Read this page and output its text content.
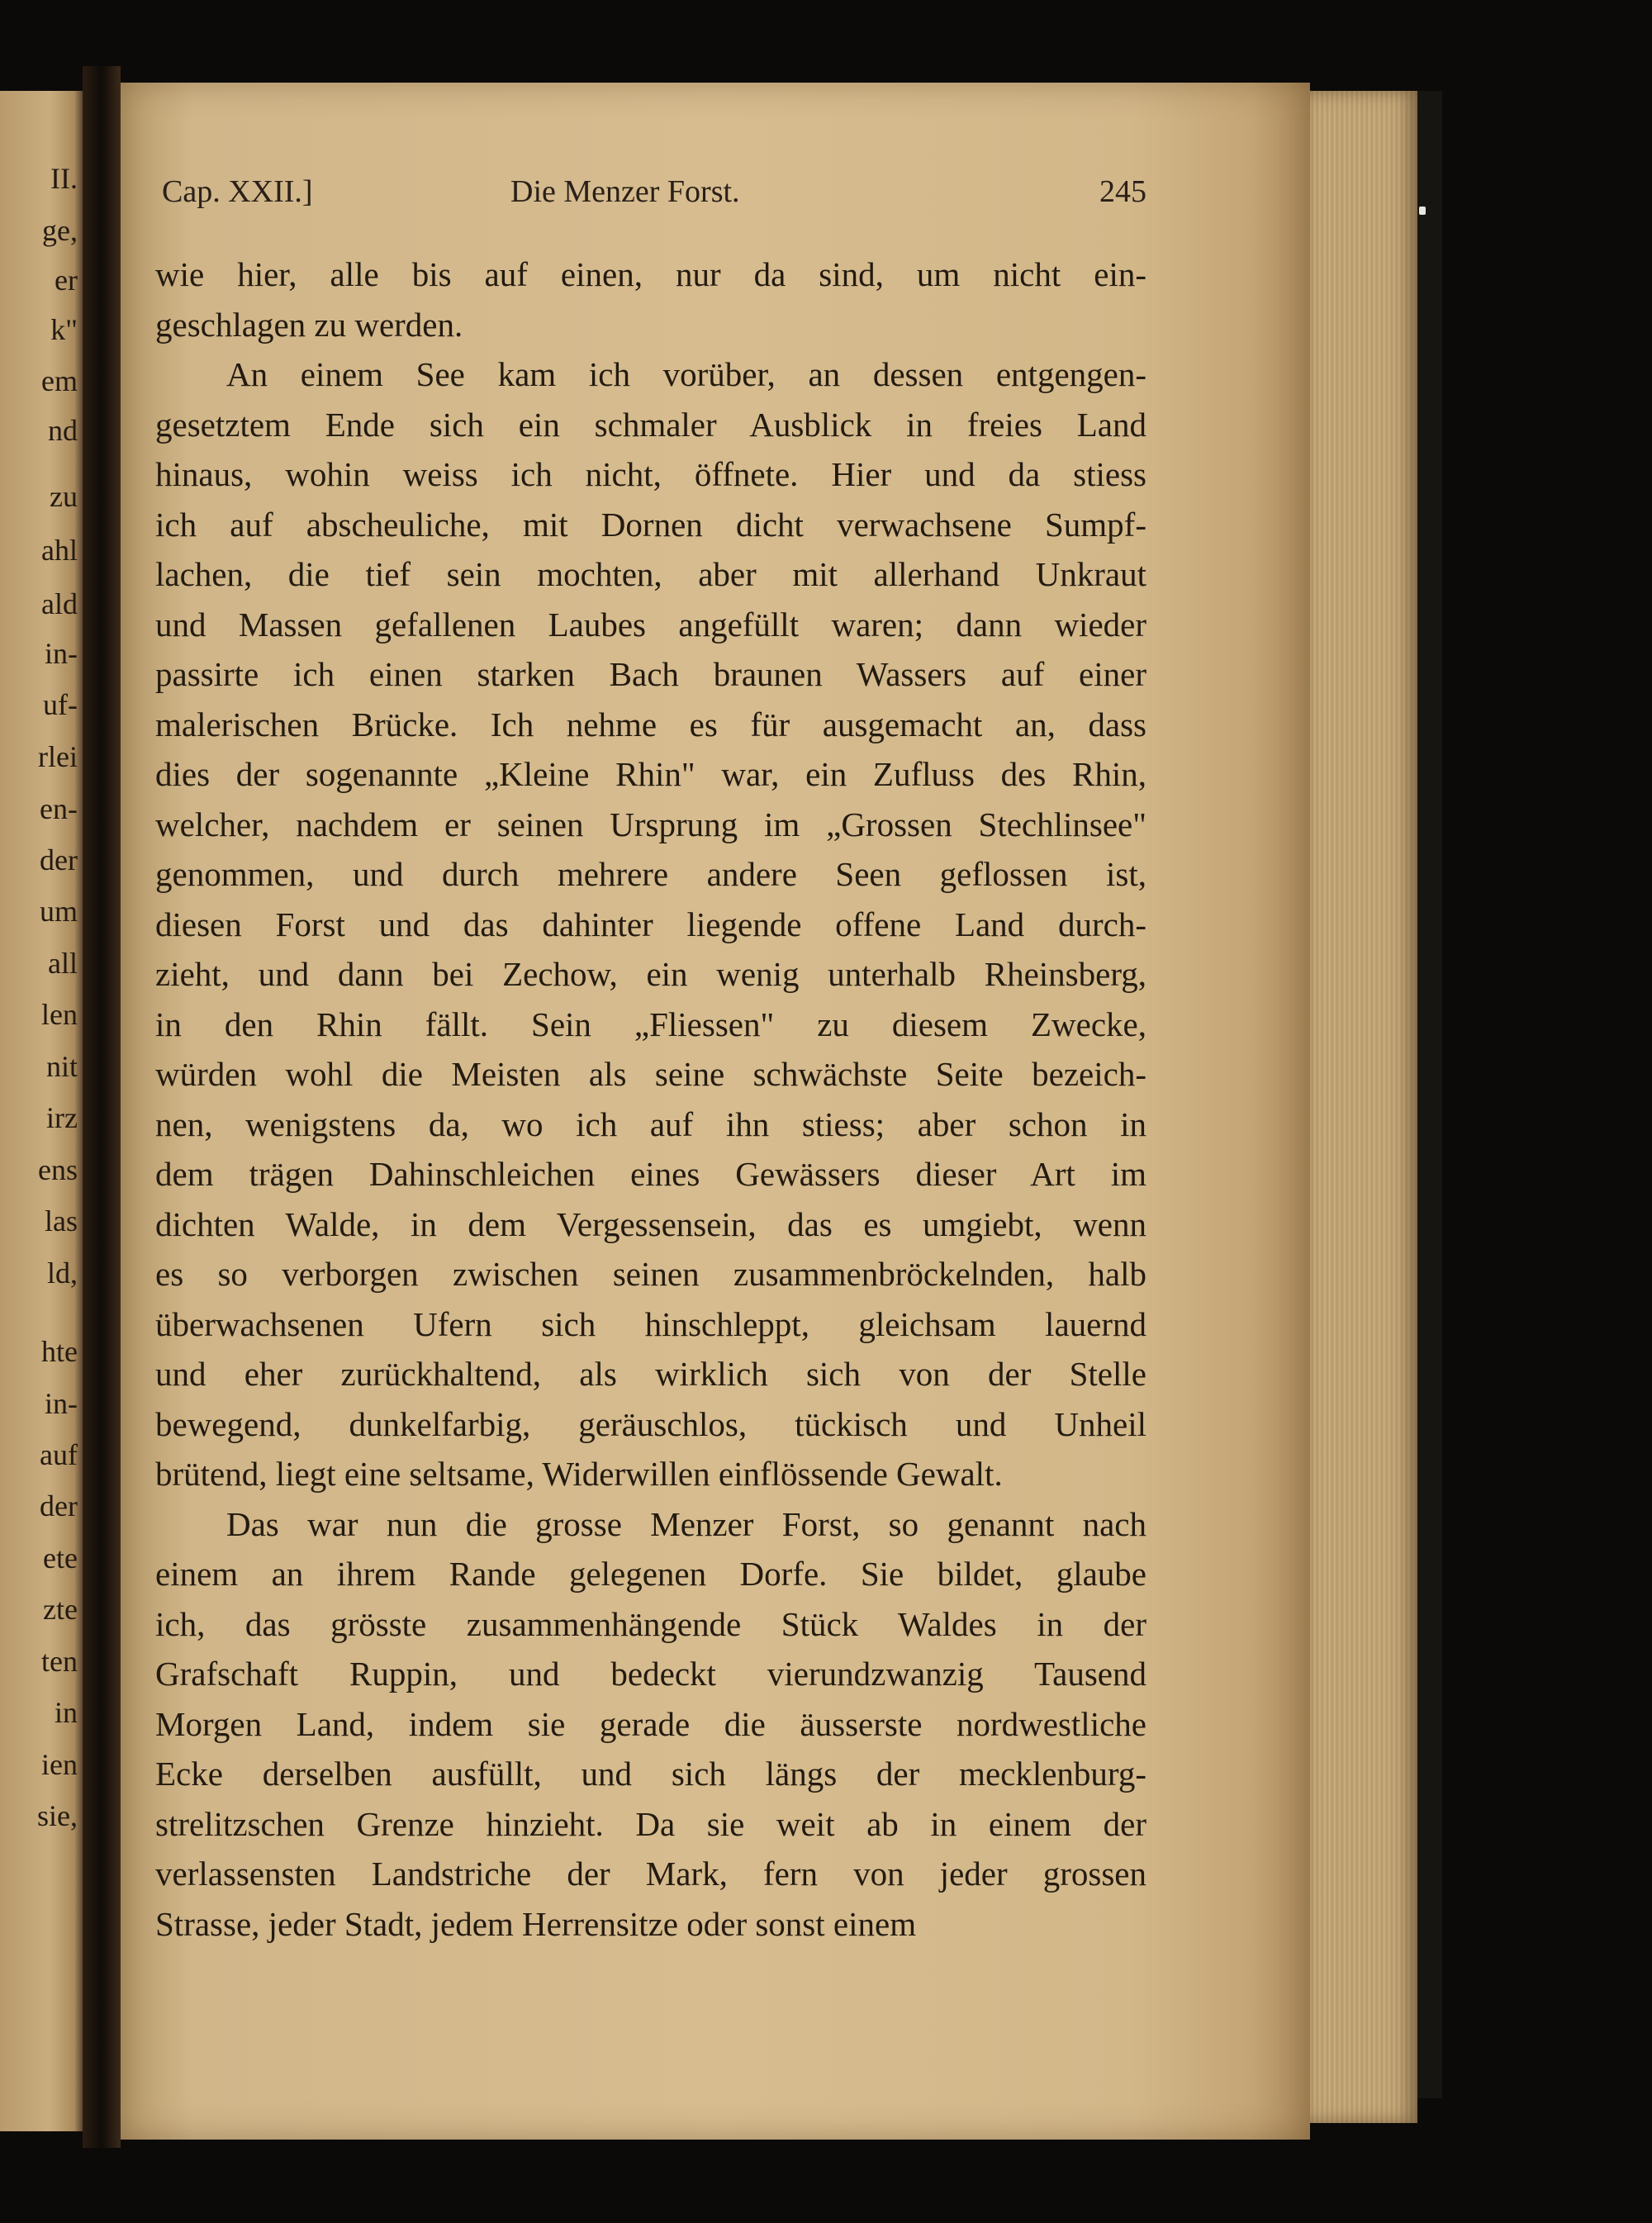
II.
ge,
er
k"
em
nd
zu
ahl
ald
in-
uf-
rlei
en-
der
um
all
len
nit
irz
ens
las
ld,
hte
in-
auf
der
ete
zte
ten
in
ien
sie,
Cap. XXII.]	Die Menzer Forst.	245
wie hier, alle bis auf einen, nur da sind, um nicht ein-
geschlagen zu werden.
An einem See kam ich vorüber, an dessen entgengen-
gesetztem Ende sich ein schmaler Ausblick in freies Land
hinaus, wohin weiss ich nicht, öffnete. Hier und da stiess
ich auf abscheuliche, mit Dornen dicht verwachsene Sumpf-
lachen, die tief sein mochten, aber mit allerhand Unkraut
und Massen gefallenen Laubes angefüllt waren; dann wieder
passirte ich einen starken Bach braunen Wassers auf einer
malerischen Brücke. Ich nehme es für ausgemacht an, dass
dies der sogenannte „Kleine Rhin" war, ein Zufluss des Rhin,
welcher, nachdem er seinen Ursprung im „Grossen Stechlinsee"
genommen, und durch mehrere andere Seen geflossen ist,
diesen Forst und das dahinter liegende offene Land durch-
zieht, und dann bei Zechow, ein wenig unterhalb Rheinsberg,
in den Rhin fällt. Sein „Fliessen" zu diesem Zwecke,
würden wohl die Meisten als seine schwächste Seite bezeich-
nen, wenigstens da, wo ich auf ihn stiess; aber schon in
dem trägen Dahinschleichen eines Gewässers dieser Art im
dichten Walde, in dem Vergessensein, das es umgiebt, wenn
es so verborgen zwischen seinen zusammenbröckelnden, halb
überwachsenen Ufern sich hinschleppt, gleichsam lauernd
und eher zurückhaltend, als wirklich sich von der Stelle
bewegend, dunkelfarbig, geräuschlos, tückisch und Unheil
brütend, liegt eine seltsame, Widerwillen einflössende Gewalt.
Das war nun die grosse Menzer Forst, so genannt nach
einem an ihrem Rande gelegenen Dorfe. Sie bildet, glaube
ich, das grösste zusammenhängende Stück Waldes in der
Grafschaft Ruppin, und bedeckt vierundzwanzig Tausend
Morgen Land, indem sie gerade die äusserste nordwestliche
Ecke derselben ausfüllt, und sich längs der mecklenburg-
strelitzschen Grenze hinzieht. Da sie weit ab in einem der
verlassensten Landstriche der Mark, fern von jeder grossen
Strasse, jeder Stadt, jedem Herrensitze oder sonst einem
